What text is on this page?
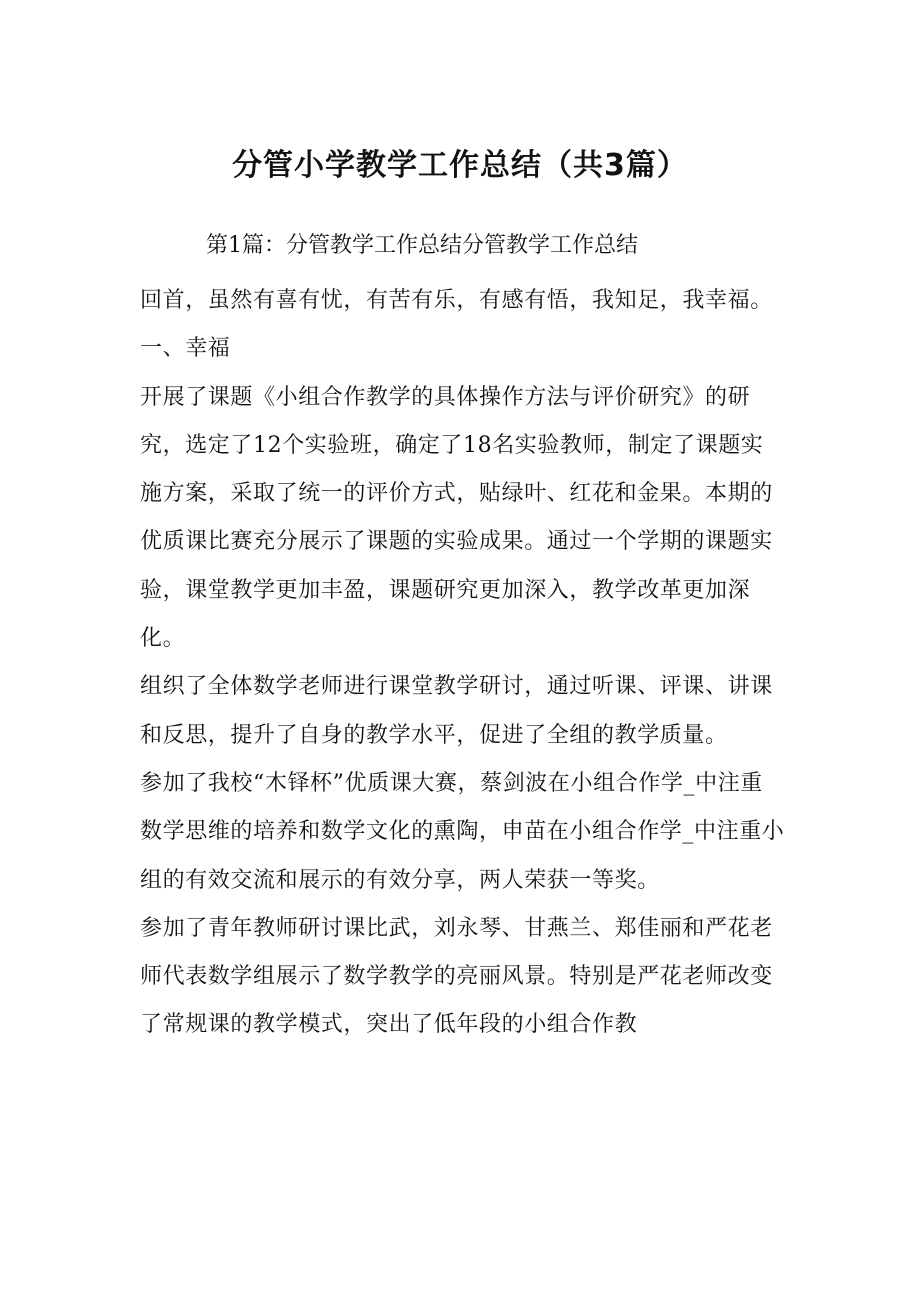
分管小学教学工作总结（共3篇）
第1篇：分管教学工作总结分管教学工作总结

回首，虽然有喜有忧，有苦有乐，有感有悟，我知足，我幸福。

一、幸福

开展了课题《小组合作教学的具体操作方法与评价研究》的研究，选定了12个实验班，确定了18名实验教师，制定了课题实施方案，采取了统一的评价方式，贴绿叶、红花和金果。本期的优质课比赛充分展示了课题的实验成果。通过一个学期的课题实验，课堂教学更加丰盈，课题研究更加深入，教学改革更加深化。

组织了全体数学老师进行课堂教学研讨，通过听课、评课、讲课和反思，提升了自身的教学水平，促进了全组的教学质量。

参加了我校“木铎杯”优质课大赛，蔡剑波在小组合作学_中注重数学思维的培养和数学文化的熏陶，申苗在小组合作学_中注重小组的有效交流和展示的有效分享，两人荣获一等奖。

参加了青年教师研讨课比武，刘永琴、甘燕兰、郑佳丽和严花老师代表数学组展示了数学教学的亮丽风景。特别是严花老师改变了常规课的教学模式，突出了低年段的小组合作教
